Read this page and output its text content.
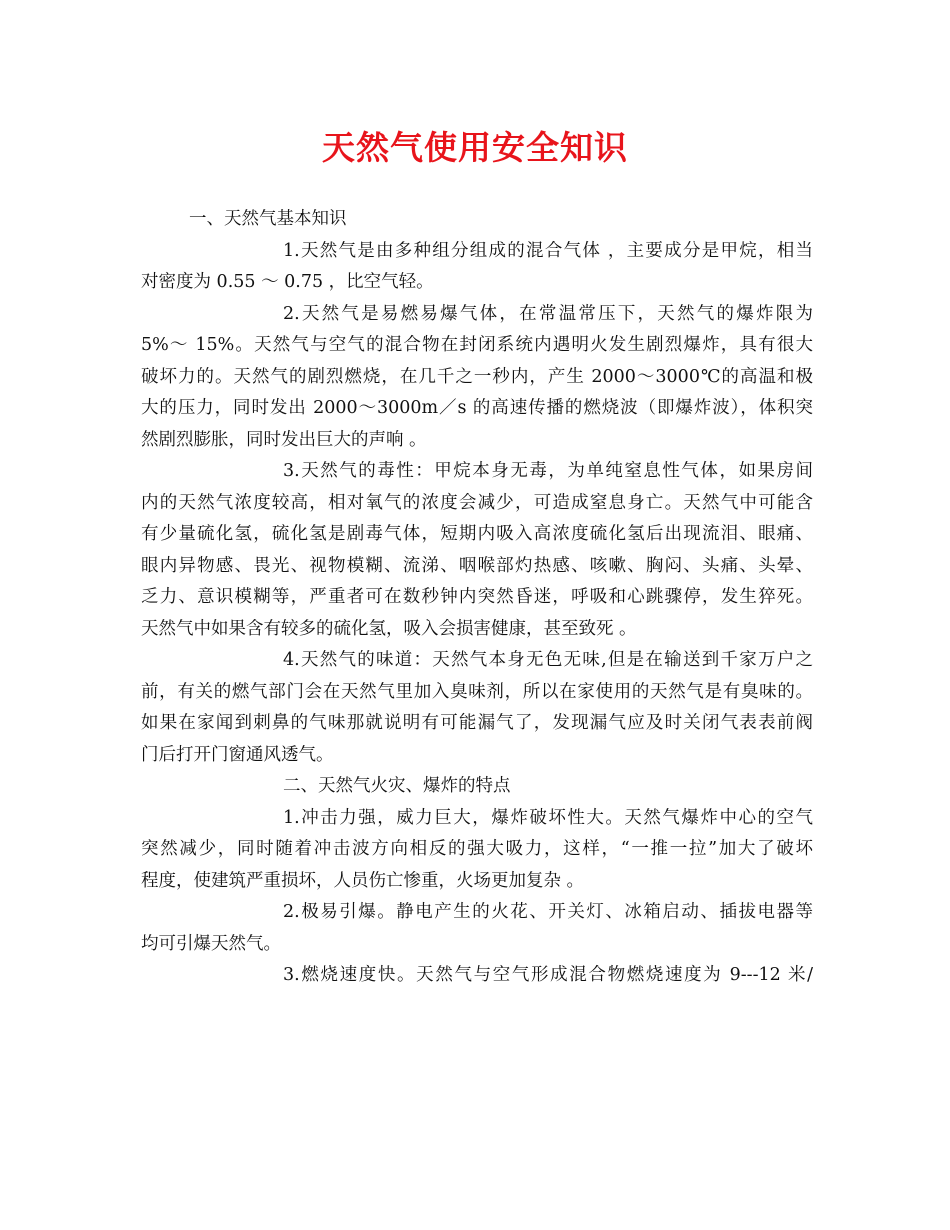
天然气使用安全知识
一、天然气基本知识
1.天然气是由多种组分组成的混合气体 ，主要成分是甲烷，相当
对密度为 0.55 ～ 0.75 ，比空气轻。
2.天然气是易燃易爆气体，在常温常压下，天然气的爆炸限为
5%～ 15%。天然气与空气的混合物在封闭系统内遇明火发生剧烈爆炸，具有很大
破坏力的。天然气的剧烈燃烧，在几千之一秒内，产生 2000～3000℃的高温和极
大的压力，同时发出 2000～3000m／s 的高速传播的燃烧波（即爆炸波），体积突
然剧烈膨胀，同时发出巨大的声响 。
3.天然气的毒性：甲烷本身无毒，为单纯窒息性气体，如果房间
内的天然气浓度较高，相对氧气的浓度会减少，可造成窒息身亡。天然气中可能含
有少量硫化氢，硫化氢是剧毒气体，短期内吸入高浓度硫化氢后出现流泪、眼痛、
眼内异物感、畏光、视物模糊、流涕、咽喉部灼热感、咳嗽、胸闷、头痛、头晕、
乏力、意识模糊等，严重者可在数秒钟内突然昏迷，呼吸和心跳骤停，发生猝死。
天然气中如果含有较多的硫化氢，吸入会损害健康，甚至致死 。
4.天然气的味道：天然气本身无色无味,但是在输送到千家万户之
前，有关的燃气部门会在天然气里加入臭味剂，所以在家使用的天然气是有臭味的。
如果在家闻到刺鼻的气味那就说明有可能漏气了，发现漏气应及时关闭气表表前阀
门后打开门窗通风透气。
二、天然气火灾、爆炸的特点
1.冲击力强，威力巨大，爆炸破坏性大。天然气爆炸中心的空气
突然减少，同时随着冲击波方向相反的强大吸力，这样，“一推一拉”加大了破坏
程度，使建筑严重损坏，人员伤亡惨重，火场更加复杂 。
2.极易引爆。静电产生的火花、开关灯、冰箱启动、插拔电器等
均可引爆天然气。
3.燃烧速度快。天然气与空气形成混合物燃烧速度为 9---12 米/
